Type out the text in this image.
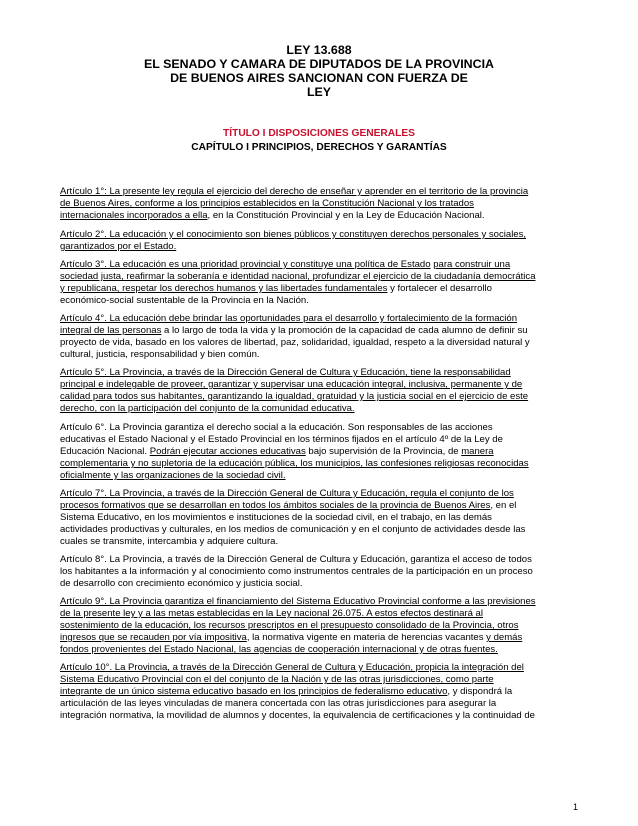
LEY 13.688
EL SENADO Y CAMARA DE DIPUTADOS DE LA PROVINCIA
DE BUENOS AIRES SANCIONAN CON FUERZA DE
LEY
TÍTULO I DISPOSICIONES GENERALES
CAPÍTULO I PRINCIPIOS, DERECHOS Y GARANTÍAS
Artículo 1°: La presente ley regula el ejercicio del derecho de enseñar y aprender en el territorio de la provincia
de Buenos Aires, conforme a los principios establecidos en la Constitución Nacional y los tratados
internacionales incorporados a ella, en la Constitución Provincial y en la Ley de Educación Nacional.
Artículo 2°. La educación y el conocimiento son bienes públicos y constituyen derechos personales y sociales,
garantizados por el Estado.
Artículo 3°. La educación es una prioridad provincial y constituye una política de Estado para construir una
sociedad justa, reafirmar la soberanía e identidad nacional, profundizar el ejercicio de la ciudadanía democrática
y republicana, respetar los derechos humanos y las libertades fundamentales y fortalecer el desarrollo
económico-social sustentable de la Provincia en la Nación.
Artículo 4°. La educación debe brindar las oportunidades para el desarrollo y fortalecimiento de la formación
integral de las personas a lo largo de toda la vida y la promoción de la capacidad de cada alumno de definir su
proyecto de vida, basado en los valores de libertad, paz, solidaridad, igualdad, respeto a la diversidad natural y
cultural, justicia, responsabilidad y bien común.
Artículo 5°. La Provincia, a través de la Dirección General de Cultura y Educación, tiene la responsabilidad
principal e indelegable de proveer, garantizar y supervisar una educación integral, inclusiva, permanente y de
calidad para todos sus habitantes, garantizando la igualdad, gratuidad y la justicia social en el ejercicio de este
derecho, con la participación del conjunto de la comunidad educativa.
Artículo 6°. La Provincia garantiza el derecho social a la educación. Son responsables de las acciones
educativas el Estado Nacional y el Estado Provincial en los términos fijados en el artículo 4º de la Ley de
Educación Nacional. Podrán ejecutar acciones educativas bajo supervisión de la Provincia, de manera
complementaria y no supletoria de la educación pública, los municipios, las confesiones religiosas reconocidas
oficialmente y las organizaciones de la sociedad civil.
Artículo 7°. La Provincia, a través de la Dirección General de Cultura y Educación, regula el conjunto de los
procesos formativos que se desarrollan en todos los ámbitos sociales de la provincia de Buenos Aires, en el
Sistema Educativo, en los movimientos e instituciones de la sociedad civil, en el trabajo, en las demás
actividades productivas y culturales, en los medios de comunicación y en el conjunto de actividades desde las
cuales se transmite, intercambia y adquiere cultura.
Artículo 8°. La Provincia, a través de la Dirección General de Cultura y Educación, garantiza el acceso de todos
los habitantes a la información y al conocimiento como instrumentos centrales de la participación en un proceso
de desarrollo con crecimiento económico y justicia social.
Artículo 9°. La Provincia garantiza el financiamiento del Sistema Educativo Provincial conforme a las previsiones
de la presente ley y a las metas establecidas en la Ley nacional 26.075. A estos efectos destinará al
sostenimiento de la educación, los recursos prescriptos en el presupuesto consolidado de la Provincia, otros
ingresos que se recauden por vía impositiva, la normativa vigente en materia de herencias vacantes y demás
fondos provenientes del Estado Nacional, las agencias de cooperación internacional y de otras fuentes.
Artículo 10°. La Provincia, a través de la Dirección General de Cultura y Educación, propicia la integración del
Sistema Educativo Provincial con el del conjunto de la Nación y de las otras jurisdicciones, como parte
integrante de un único sistema educativo basado en los principios de federalismo educativo, y dispondrá la
articulación de las leyes vinculadas de manera concertada con las otras jurisdicciones para asegurar la
integración normativa, la movilidad de alumnos y docentes, la equivalencia de certificaciones y la continuidad de
1
